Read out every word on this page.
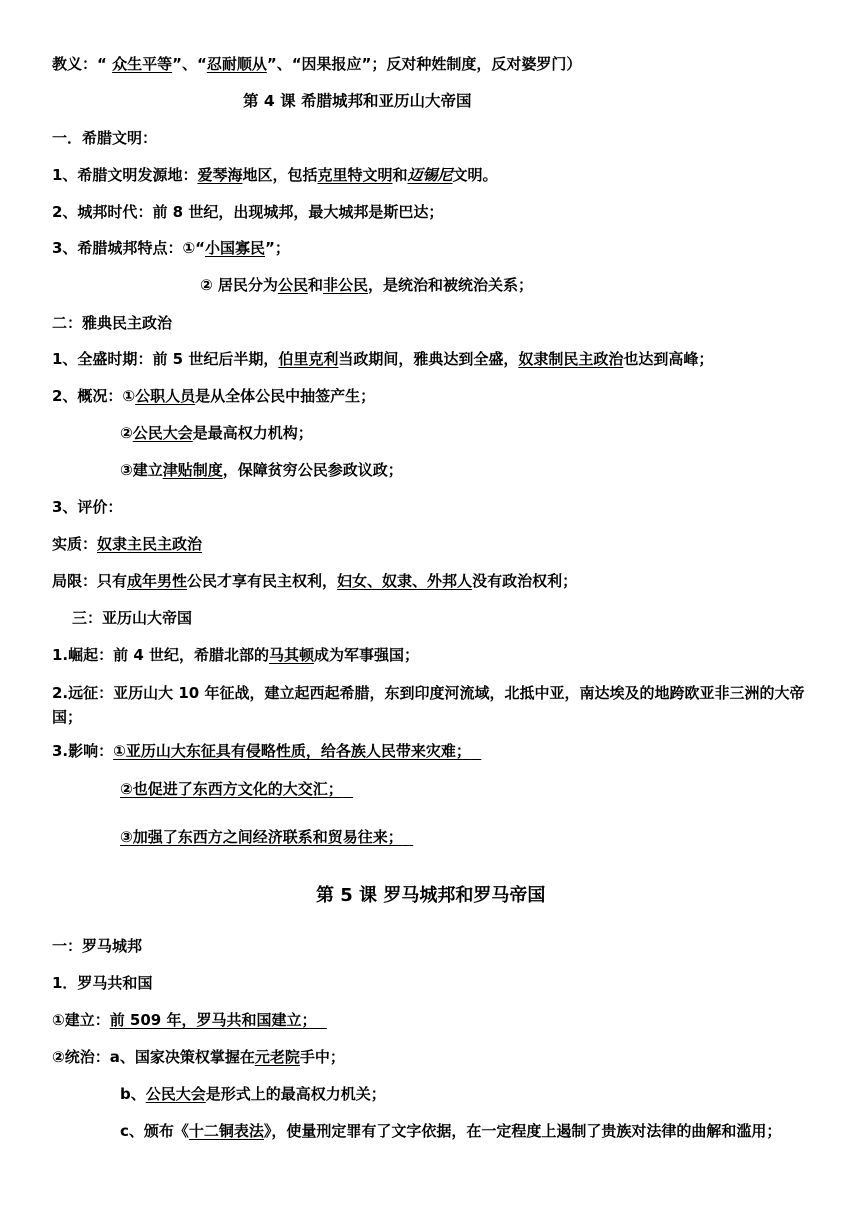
教义：“ 众生平等”、“忍耐顺从”、“因果报应”；反对种姓制度，反对婆罗门）
第 4 课 希腊城邦和亚历山大帝国
一．希腊文明：
1、希腊文明发源地：爱琴海地区，包括克里特文明和迈锡尼文明。
2、城邦时代：前 8 世纪，出现城邦，最大城邦是斯巴达；
3、希腊城邦特点：①“小国寡民”；
② 居民分为公民和非公民，是统治和被统治关系；
二：雅典民主政治
1、全盛时期：前 5 世纪后半期，伯里克利当政期间，雅典达到全盛，奴隶制民主政治也达到高峰；
2、概况：①公职人员是从全体公民中抽签产生；
②公民大会是最高权力机构；
③建立津贴制度，保障贫穷公民参政议政；
3、评价：
实质：奴隶主民主政治
局限：只有成年男性公民才享有民主权利，妇女、奴隶、外邦人没有政治权利；
三：亚历山大帝国
1.崛起：前 4 世纪，希腊北部的马其顿成为军事强国；
2.远征：亚历山大 10 年征战，建立起西起希腊，东到印度河流域，北抵中亚，南达埃及的地跨欧亚非三洲的大帝国；
3.影响：①亚历山大东征具有侵略性质，给各族人民带来灾难；
②也促进了东西方文化的大交汇；
③加强了东西方之间经济联系和贸易往来；
第 5 课 罗马城邦和罗马帝国
一：罗马城邦
1．罗马共和国
①建立：前 509 年，罗马共和国建立；
②统治：a、国家决策权掌握在元老院手中；
b、公民大会是形式上的最高权力机关；
c、颁布《十二铜表法》，使量刑定罪有了文字依据，在一定程度上遏制了贵族对法律的曲解和滥用；
